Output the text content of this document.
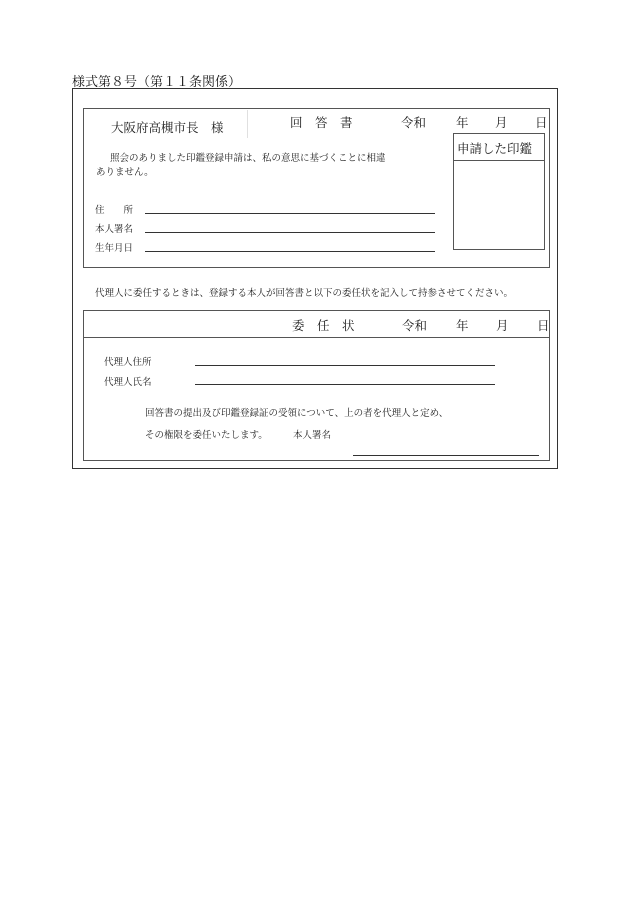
様式第８号（第１１条関係）
大阪府高槻市長　様	回　答　書	令和 年 月 日
申請した印鑑
照会のありました印鑑登録申請は、私の意思に基づくことに相違
ありません。
住　　所
本人署名
生年月日
代理人に委任するときは、登録する本人が回答書と以下の委任状を記入して持参させてください。
委　任　状	令和 年 月 日
代理人住所
代理人氏名
回答書の提出及び印鑑登録証の受領について、上の者を代理人と定め、
その権限を委任いたします。	本人署名
